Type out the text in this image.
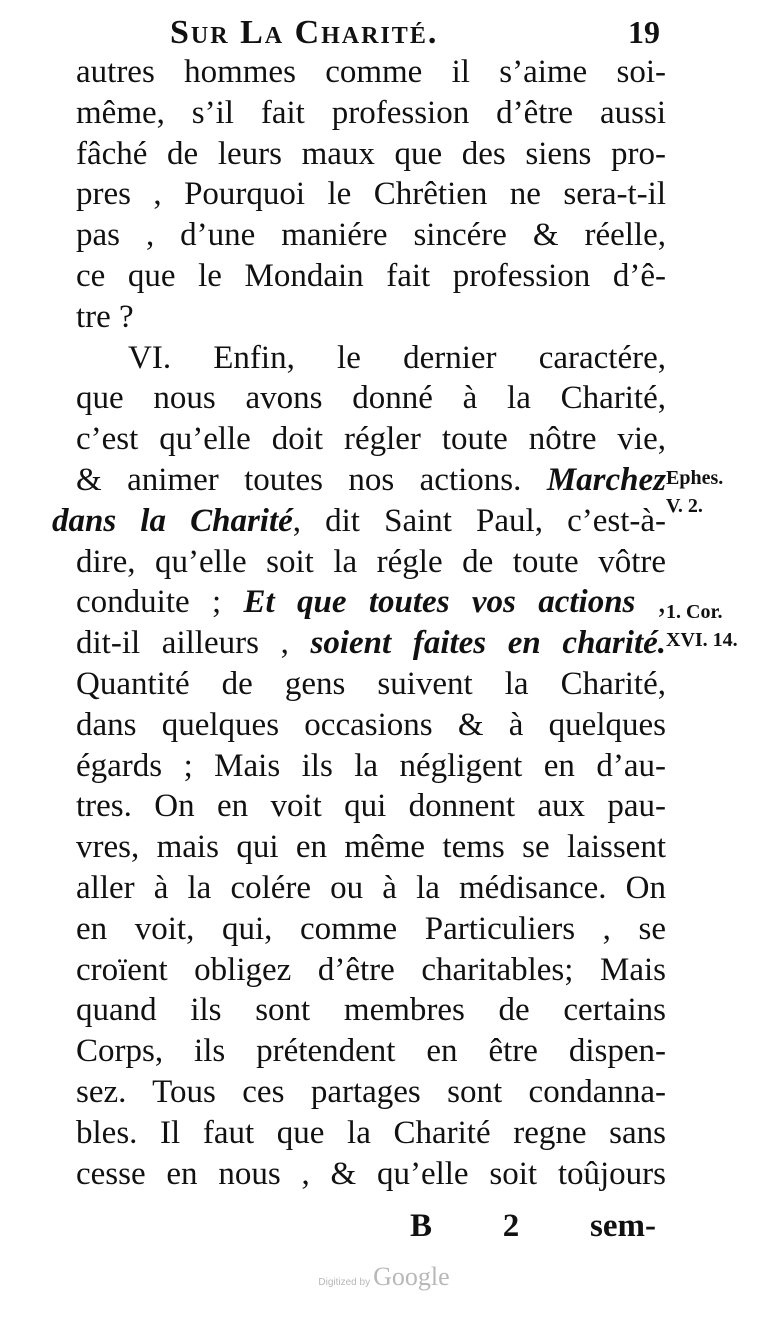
Sur La Charité.	19
autres hommes comme il s’aime soi-
même, s’il fait profession d’être aussi
fâché de leurs maux que des siens pro-
pres , Pourquoi le Chrêtien ne sera-t-il
pas , d’une maniére sincére & réelle,
ce que le Mondain fait profession d’ê-
tre ?
VI. Enfin, le dernier caractére,
que nous avons donné à la Charité,
c’est qu’elle doit régler toute nôtre vie,
& animer toutes nos actions. Marchez
dans la Charité, dit Saint Paul, c’est-à-
dire, qu’elle soit la régle de toute vôtre
conduite ; Et que toutes vos actions ,
dit-il ailleurs , soient faites en charité.
Quantité de gens suivent la Charité,
dans quelques occasions & à quelques
égards ; Mais ils la négligent en d’au-
tres. On en voit qui donnent aux pau-
vres, mais qui en même tems se laissent
aller à la colére ou à la médisance. On
en voit, qui, comme Particuliers , se
croïent obligez d’être charitables; Mais
quand ils sont membres de certains
Corps, ils prétendent en être dispen-
sez. Tous ces partages sont condanna-
bles. Il faut que la Charité regne sans
cesse en nous , & qu’elle soit toûjours
Ephes.
V. 2.
1. Cor.
XVI. 14.
B 2 sem-
Digitized by Google
